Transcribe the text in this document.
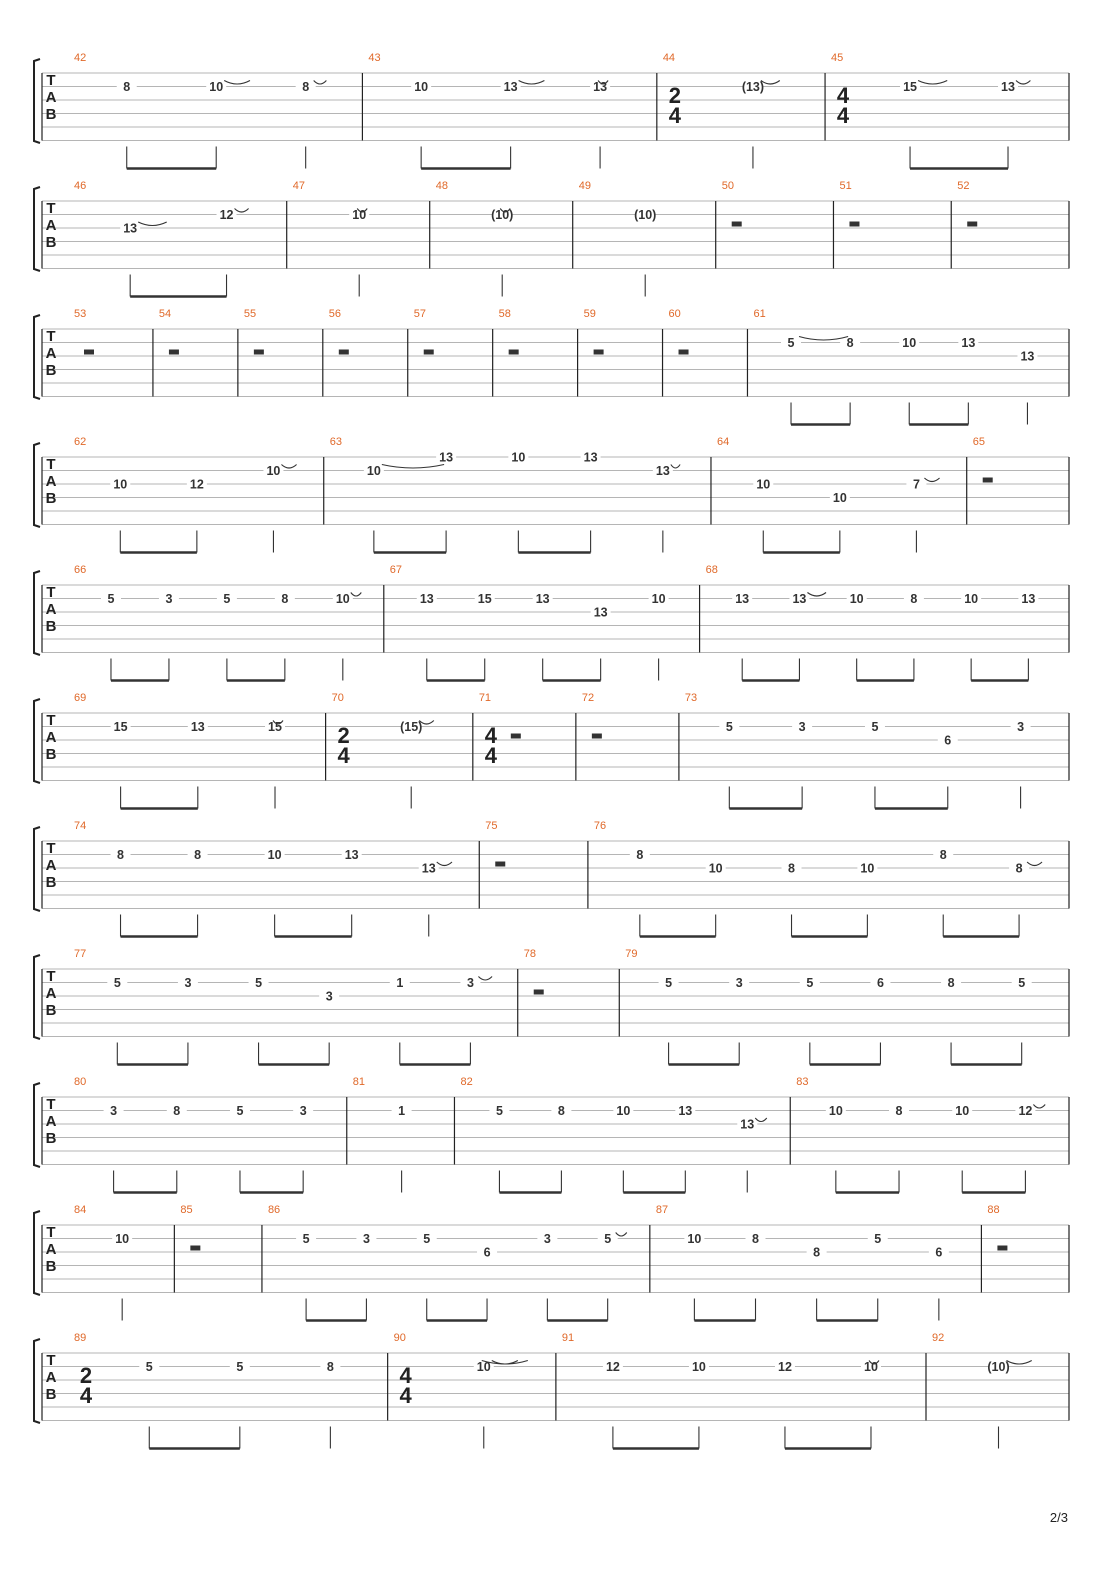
T
A
B
42
8	10	8
43
10	13	13
44
2
4
(13)
45
4
4
15	13
T
A
B
46
13
12
47
10
48
(10)
49
(10)
50	51	52
T
A
B
53	54	55	56	57	58	59	60	61
5	8	10	13
13
T
A
B
62
10	12
10
63
10
13	10	13
13
64
10
10
7
65
T
A
B
66
5	3	5	8	10
67
13	15	13
13
10
68
13	13	10	8	10	13
T
A
B
69
15	13	15
70
2
4
(15)
71
4
4
72	73
5	3	5
6
3
T
A
B
74
8	8	10	13
13
75	76
8
10	8	10
8
8
T
A
B
77
5	3	5
3
1	3
78	79
5	3	5	6	8	5
T
A
B
80
3	8	5	3
81
1
82
5	8	10	13
13
83
10	8	10	12
T
A
B
84
10
85	86
5	3	5
6
3	5
87
10	8
8
5
6
88
T
A
B
89
2
4
5	5	8
90
4
4
10
91
12	10	12	10
92
(10)
2/3
